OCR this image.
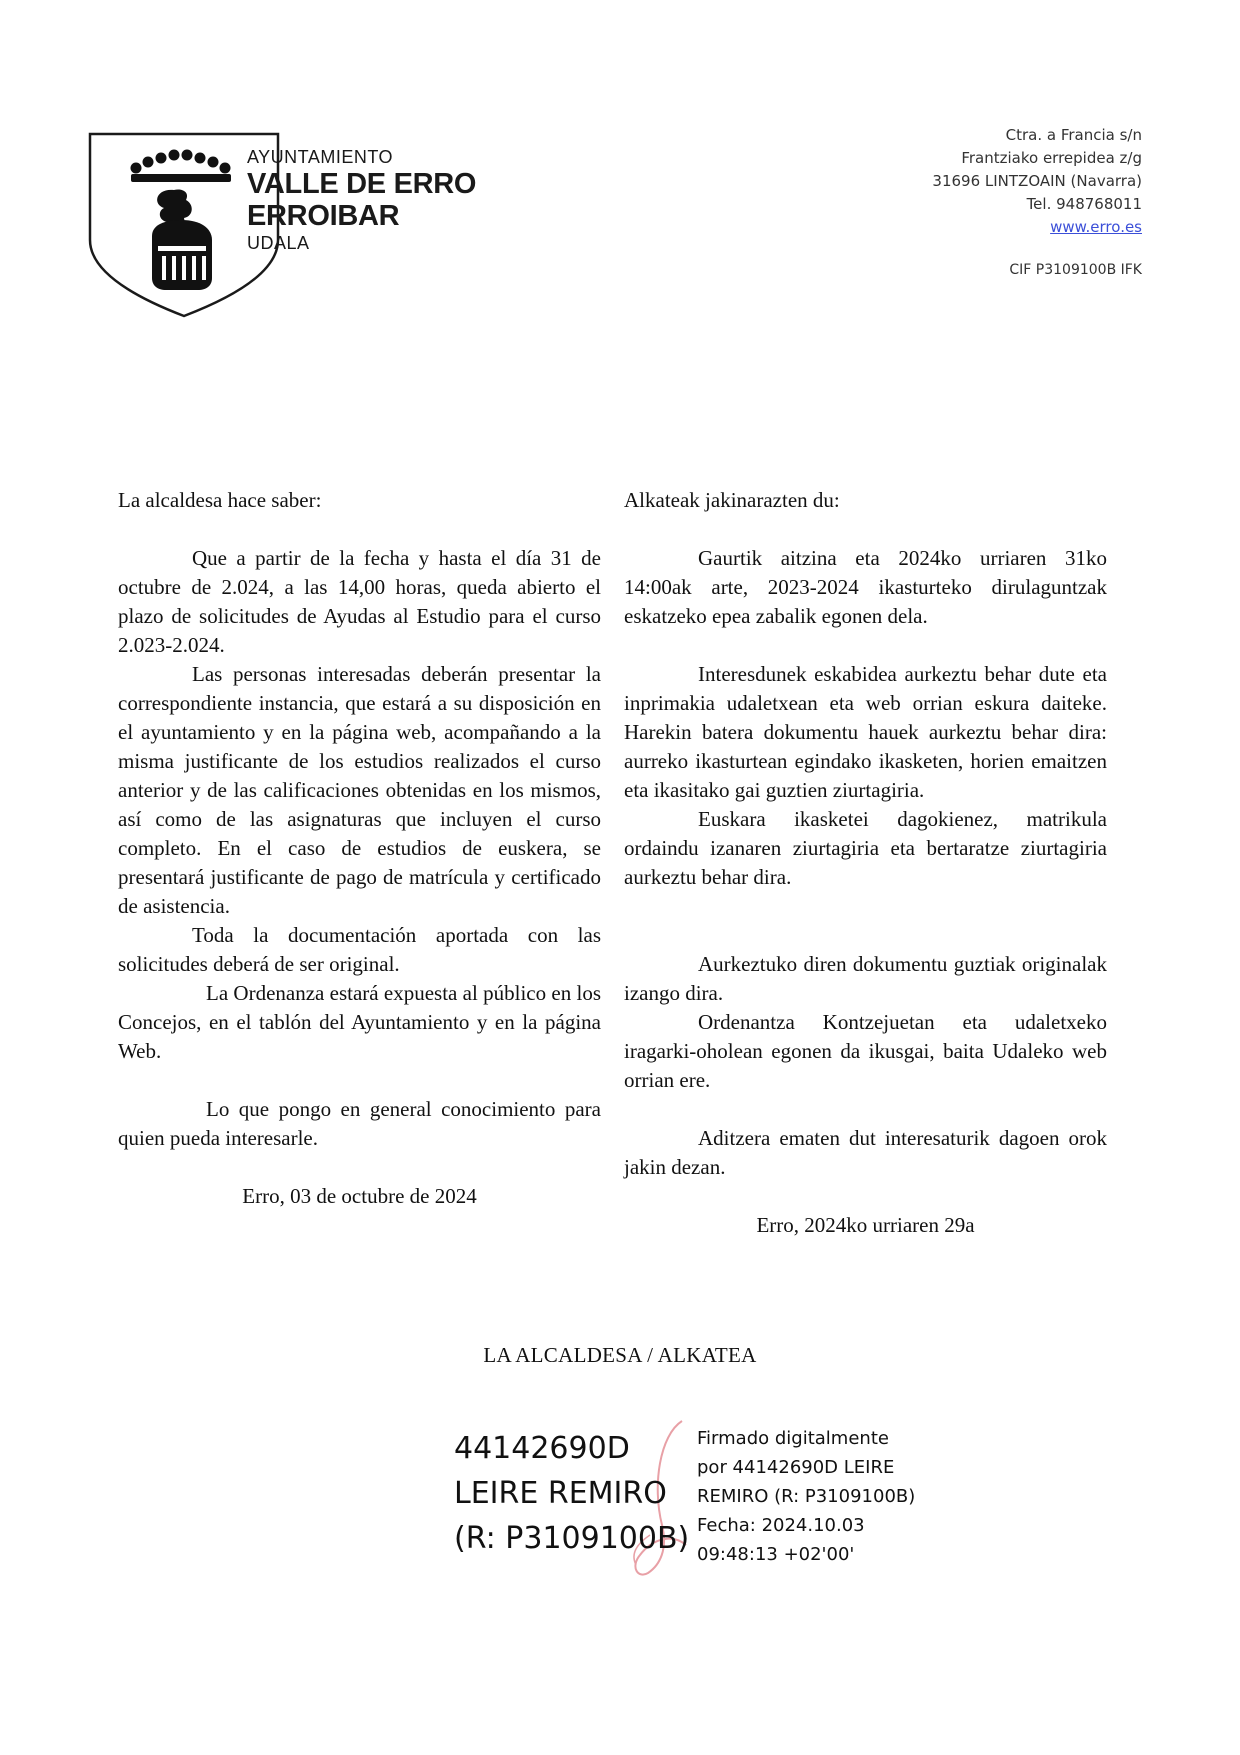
AYUNTAMIENTO
VALLE DE ERRO
ERROIBAR
UDALA
Ctra. a Francia s/n
Frantziako errepidea z/g
31696 LINTZOAIN (Navarra)
Tel. 948768011
www.erro.es
CIF P3109100B IFK

La alcaldesa hace saber:

Que a partir de la fecha y hasta el día 31 de octubre de 2.024, a las 14,00 horas, queda abierto el plazo de solicitudes de Ayudas al Estudio para el curso 2.023-2.024.

Las personas interesadas deberán presentar la correspondiente instancia, que estará a su disposición en el ayuntamiento y en la página web, acompañando a la misma justificante de los estudios realizados el curso anterior y de las calificaciones obtenidas en los mismos, así como de las asignaturas que incluyen el curso completo. En el caso de estudios de euskera, se presentará justificante de pago de matrícula y certificado de asistencia.

Toda la documentación aportada con las solicitudes deberá de ser original.

La Ordenanza estará expuesta al público en los Concejos, en el tablón del Ayuntamiento y en la página Web.

Lo que pongo en general conocimiento para quien pueda interesarle.

Erro, 03 de octubre de 2024

Alkateak jakinarazten du:

Gaurtik aitzina eta 2024ko urriaren 31ko 14:00ak arte, 2023-2024 ikasturteko dirulaguntzak eskatzeko epea zabalik egonen dela.

Interesdunek eskabidea aurkeztu behar dute eta inprimakia udaletxean eta web orrian eskura daiteke. Harekin batera dokumentu hauek aurkeztu behar dira: aurreko ikasturtean egindako ikasketen, horien emaitzen eta ikasitako gai guztien ziurtagiria.

Euskara ikasketei dagokienez, matrikula ordaindu izanaren ziurtagiria eta bertaratze ziurtagiria aurkeztu behar dira.

Aurkeztuko diren dokumentu guztiak originalak izango dira.

Ordenantza Kontzejuetan eta udaletxeko iragarki-oholean egonen da ikusgai, baita Udaleko web orrian ere.

Aditzera ematen dut interesaturik dagoen orok jakin dezan.

Erro, 2024ko urriaren 29a

LA ALCALDESA / ALKATEA
44142690D
LEIRE REMIRO
(R: P3109100B)
Firmado digitalmente
por 44142690D LEIRE
REMIRO (R: P3109100B)
Fecha: 2024.10.03
09:48:13 +02'00'
